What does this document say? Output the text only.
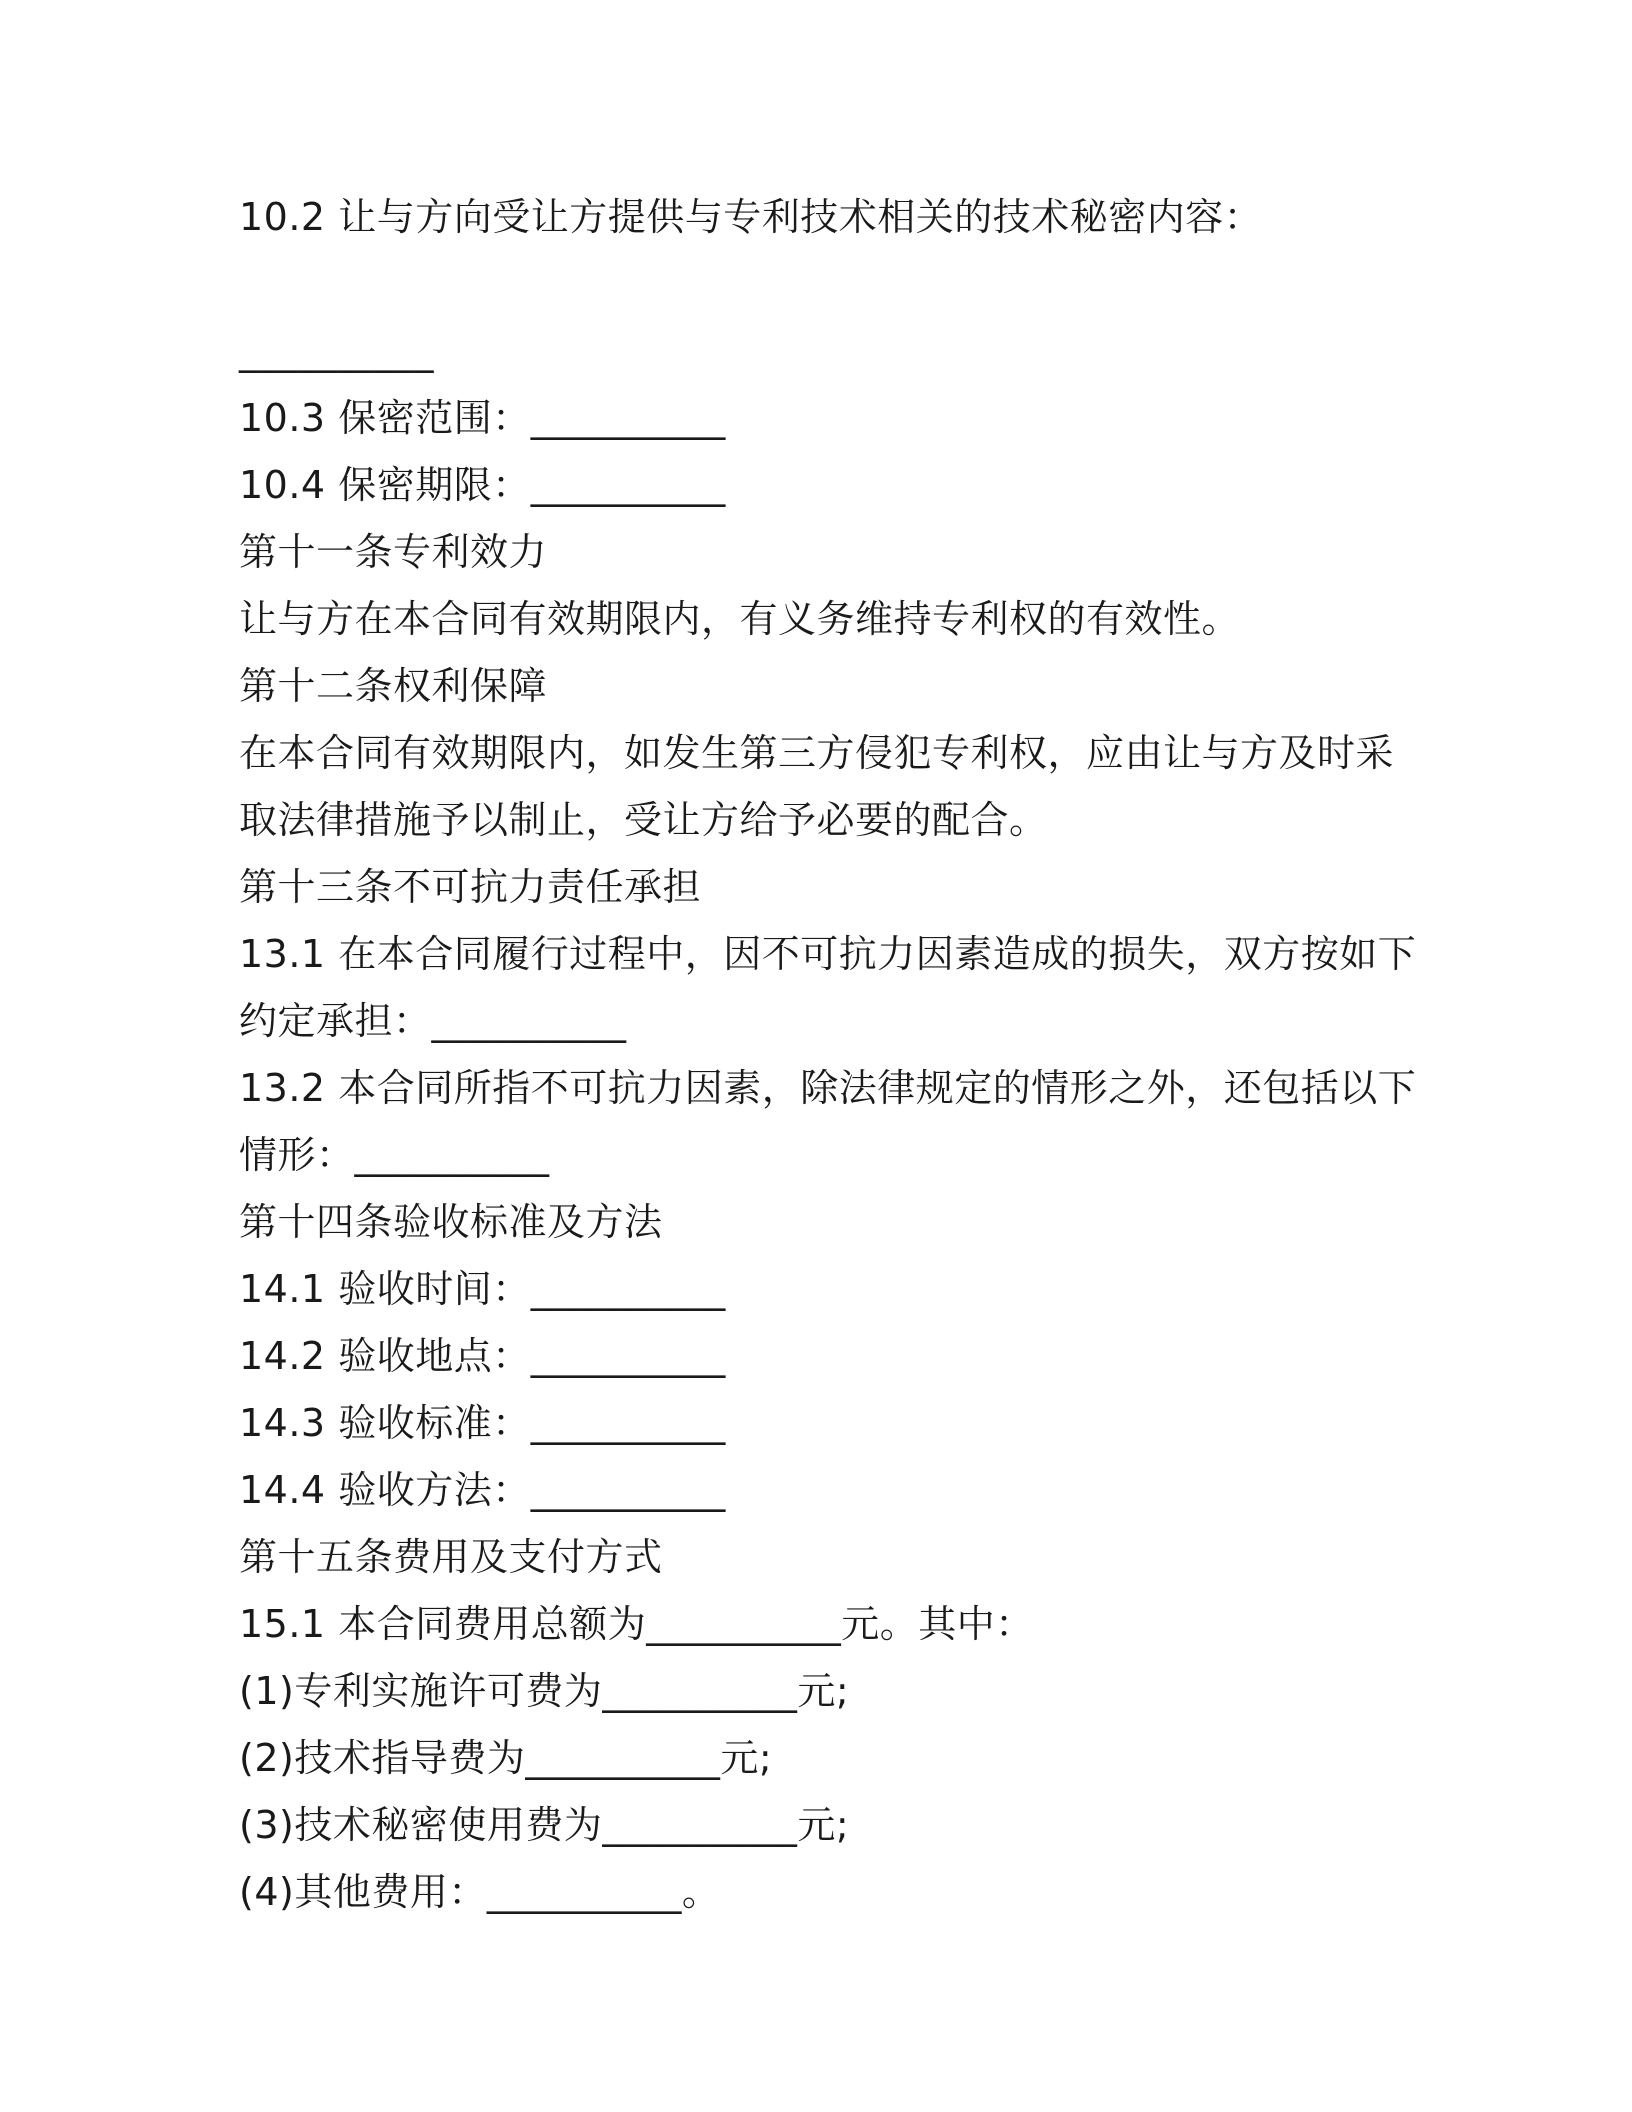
10.2 让与方向受让方提供与专利技术相关的技术秘密内容：
__________
10.3 保密范围：__________
10.4 保密期限：__________
第十一条专利效力
让与方在本合同有效期限内，有义务维持专利权的有效性。
第十二条权利保障
在本合同有效期限内，如发生第三方侵犯专利权，应由让与方及时采
取法律措施予以制止，受让方给予必要的配合。
第十三条不可抗力责任承担
13.1 在本合同履行过程中，因不可抗力因素造成的损失，双方按如下
约定承担：__________
13.2 本合同所指不可抗力因素，除法律规定的情形之外，还包括以下
情形：__________
第十四条验收标准及方法
14.1 验收时间：__________
14.2 验收地点：__________
14.3 验收标准：__________
14.4 验收方法：__________
第十五条费用及支付方式
15.1 本合同费用总额为__________元。其中：
(1)专利实施许可费为__________元;
(2)技术指导费为__________元;
(3)技术秘密使用费为__________元;
(4)其他费用：__________。
